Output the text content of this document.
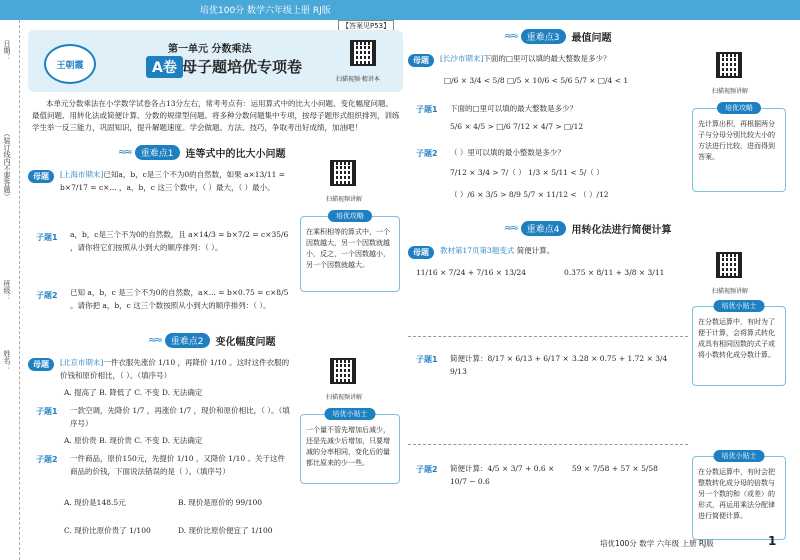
培优100分 数学六年级上册 RJ版
日期：
（装订线内不要答题）
班级：
姓名：
【答案见P53】
王朝霞
第一单元 分数乘法
A卷 母子题培优专项卷
扫描视频·精讲本

本单元分数乘法在小学数学试卷各占13分左右，常考考点有：运用算式中的比大小问题、变化幅度问题、最值问题、用转化法或简便计算、分数的规律型问题。将多种分数问题集中专项，按母子题形式组织排列，训练学生举一反三能力，巩固知识，提升解题速度。学会做题、方法、技巧，争取考出好成绩，加油吧！

≈≈	重难点1	连等式中的比大小问题
母题	[上海市期末]已知a，b，c是三个不为0的自然数，如果 a×13/11 = b×7/17 = c×... ，a，b，c 这三个数中，（ ）最大，（ ）最小。

子题1 a，b，c是三个不为0的自然数，且 a×14/3 = b×7/2 = c×35/6 ，请你将它们按照从小到大的顺序排列：（ ）。

子题2 已知 a，b，c 是三个不为0的自然数，a×... = b×0.75 = c×8/5 。请你把 a，b，c 这三个数按照从小到大的顺序排列：（ ）。

扫描视频讲解
培优攻略

在乘积相等的算式中，一个因数越大，另一个因数就越小，反之，一个因数越小，另一个因数就越大。

≈≈	重难点2	变化幅度问题
母题	[北京市期末]一件衣服先涨价 1/10 ，再降价 1/10 。这时这件衣服的价钱和原价相比，（ ）。（填序号）

A. 提高了 B. 降低了 C. 不变 D. 无法确定

子题1 一款空调，先降价 1/7 ，再涨价 1/7 ，现价和原价相比，（ ）。（填序号）

A. 原价贵 B. 现价贵 C. 不变 D. 无法确定

子题2 一件商品，原价150元，先提价 1/10 ，又降价 1/10 。关于这件商品的价钱，下面说法错误的是（ ）。（填序号）

A. 现价是148.5元	B. 现价是原价的 99/100

C. 现价比原价贵了 1/100	D. 现价比原价便宜了 1/100

扫描视频讲解
培优小贴士

一个量不管先增加后减少，还是先减少后增加，只要增减的分率相同，变化后的量都比原来的少一些。

≈≈	重难点3	最值问题
母题	[长沙市期末]下面的□里可以填的最大整数是多少？

□/6 × 3/4 < 5/8 □/5 × 10/6 < 5/6 5/7 × □/4 < 1

子题1 下面的□里可以填的最大整数是多少？

5/6 × 4/5 > □/6 7/12 × 4/7 > □/12

子题2 （ ）里可以填的最小整数是多少？

7/12 × 3/4 > 7/（ ） 1/3 × 5/11 < 5/（ ）

（ ）/6 × 3/5 > 8/9 5/7 × 11/12 < （ ）/12

扫描视频讲解
培优攻略

先计算出积，再根据两分子与分母分别比较大小的方法进行比较，进而得到答案。

≈≈	重难点4	用转化法进行简便计算
母题	教材第17页第3题变式 简便计算。

11/16 × 7/24 + 7/16 × 13/24	0.375 × 8/11 + 3/8 × 3/11

子题1 简便计算：8/17 × 6/13 + 6/17 × 9/13

3.28 × 0.75 + 1.72 × 3/4

子题2 简便计算：4/5 × 3/7 + 0.6 × 10/7 − 0.6

59 × 7/58 + 57 × 5/58

扫描视频讲解
培优小贴士

在分数运算中，有时为了便于计算，会将算式转化成具有相同因数的式子或将小数转化成分数计算。

培优小贴士

在分数运算中，有时会把整数转化成分母的倍数与另一个数的和（或差）的形式，再运用乘法分配律进行简便计算。

培优100分 数学 六年级 上册 RJ版	1
